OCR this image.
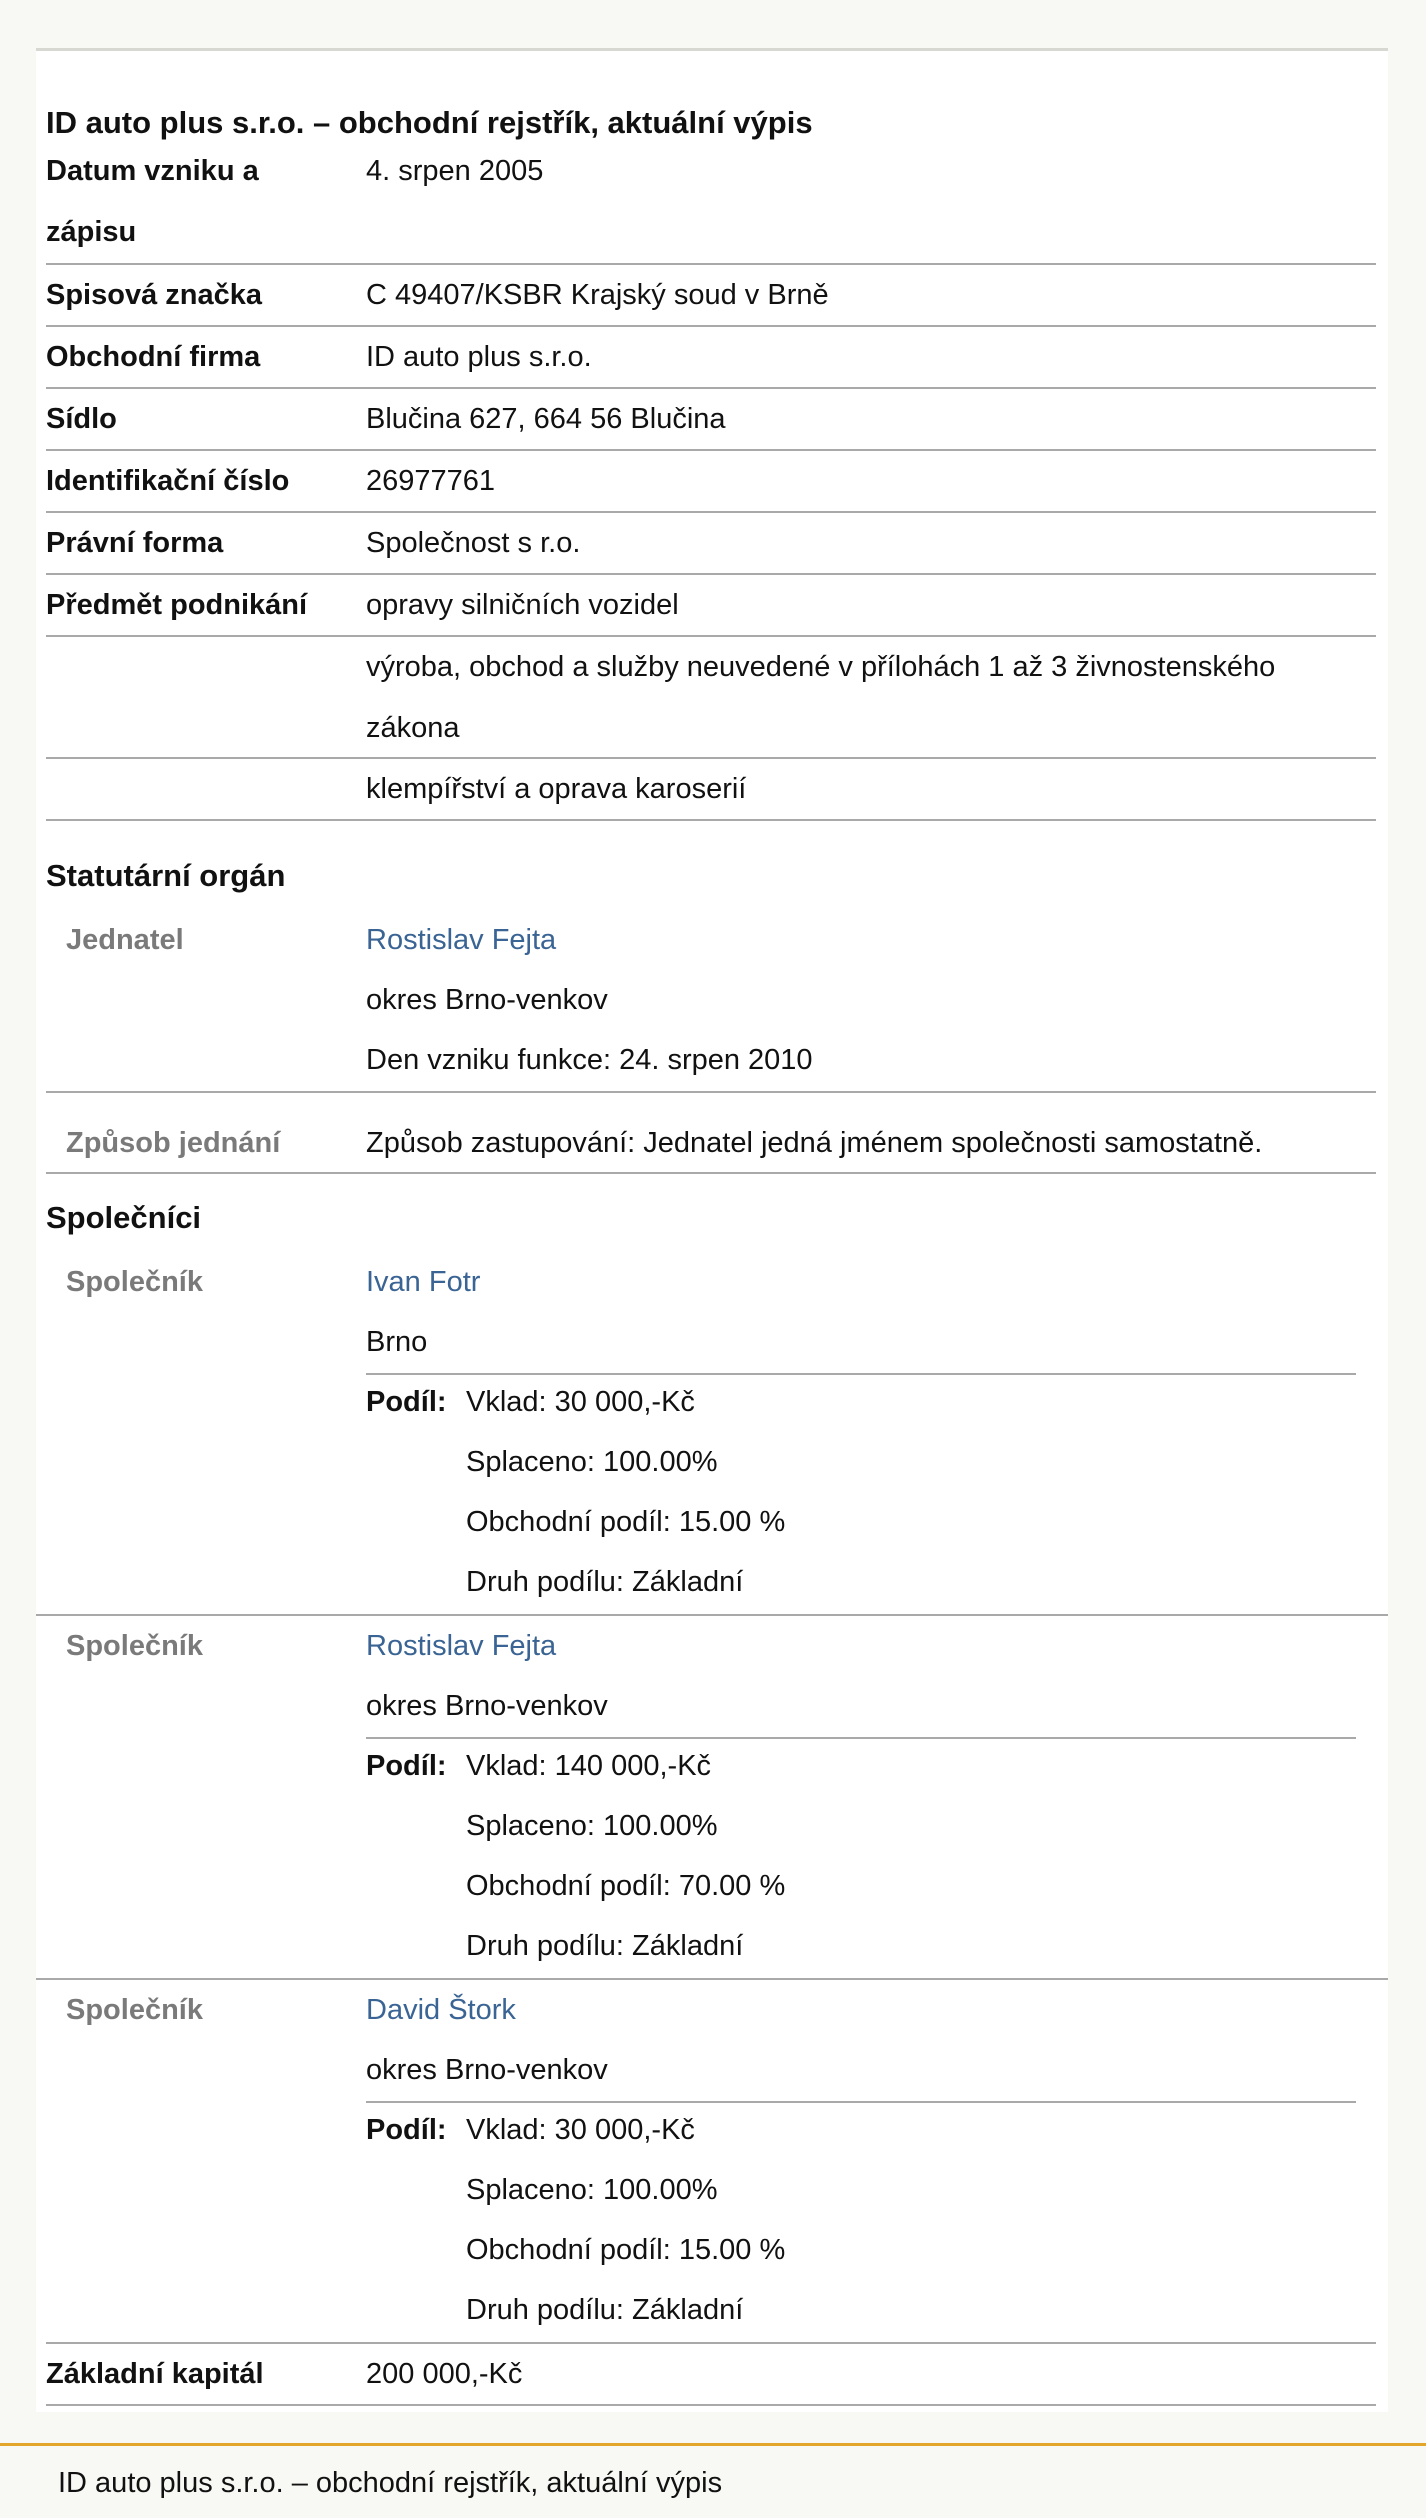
ID auto plus s.r.o. – obchodní rejstřík, aktuální výpis
Datum vzniku a
zápisu
4. srpen 2005
Spisová značka	C 49407/KSBR Krajský soud v Brně
Obchodní firma	ID auto plus s.r.o.
Sídlo	Blučina 627, 664 56 Blučina
Identifikační číslo	26977761
Právní forma	Společnost s r.o.
Předmět podnikání	opravy silničních vozidel
výroba, obchod a služby neuvedené v přílohách 1 až 3 živnostenského
zákona
klempířství a oprava karoserií
Statutární orgán
Jednatel	Rostislav Fejta
okres Brno-venkov
Den vzniku funkce: 24. srpen 2010
Způsob jednání	Způsob zastupování: Jednatel jedná jménem společnosti samostatně.
Společníci
Společník	Ivan Fotr
Brno
Podíl: Vklad: 30 000,-Kč
Splaceno: 100.00%
Obchodní podíl: 15.00 %
Druh podílu: Základní
Společník	Rostislav Fejta
okres Brno-venkov
Podíl: Vklad: 140 000,-Kč
Splaceno: 100.00%
Obchodní podíl: 70.00 %
Druh podílu: Základní
Společník	David Štork
okres Brno-venkov
Podíl: Vklad: 30 000,-Kč
Splaceno: 100.00%
Obchodní podíl: 15.00 %
Druh podílu: Základní
Základní kapitál	200 000,-Kč
ID auto plus s.r.o. – obchodní rejstřík, aktuální výpis
